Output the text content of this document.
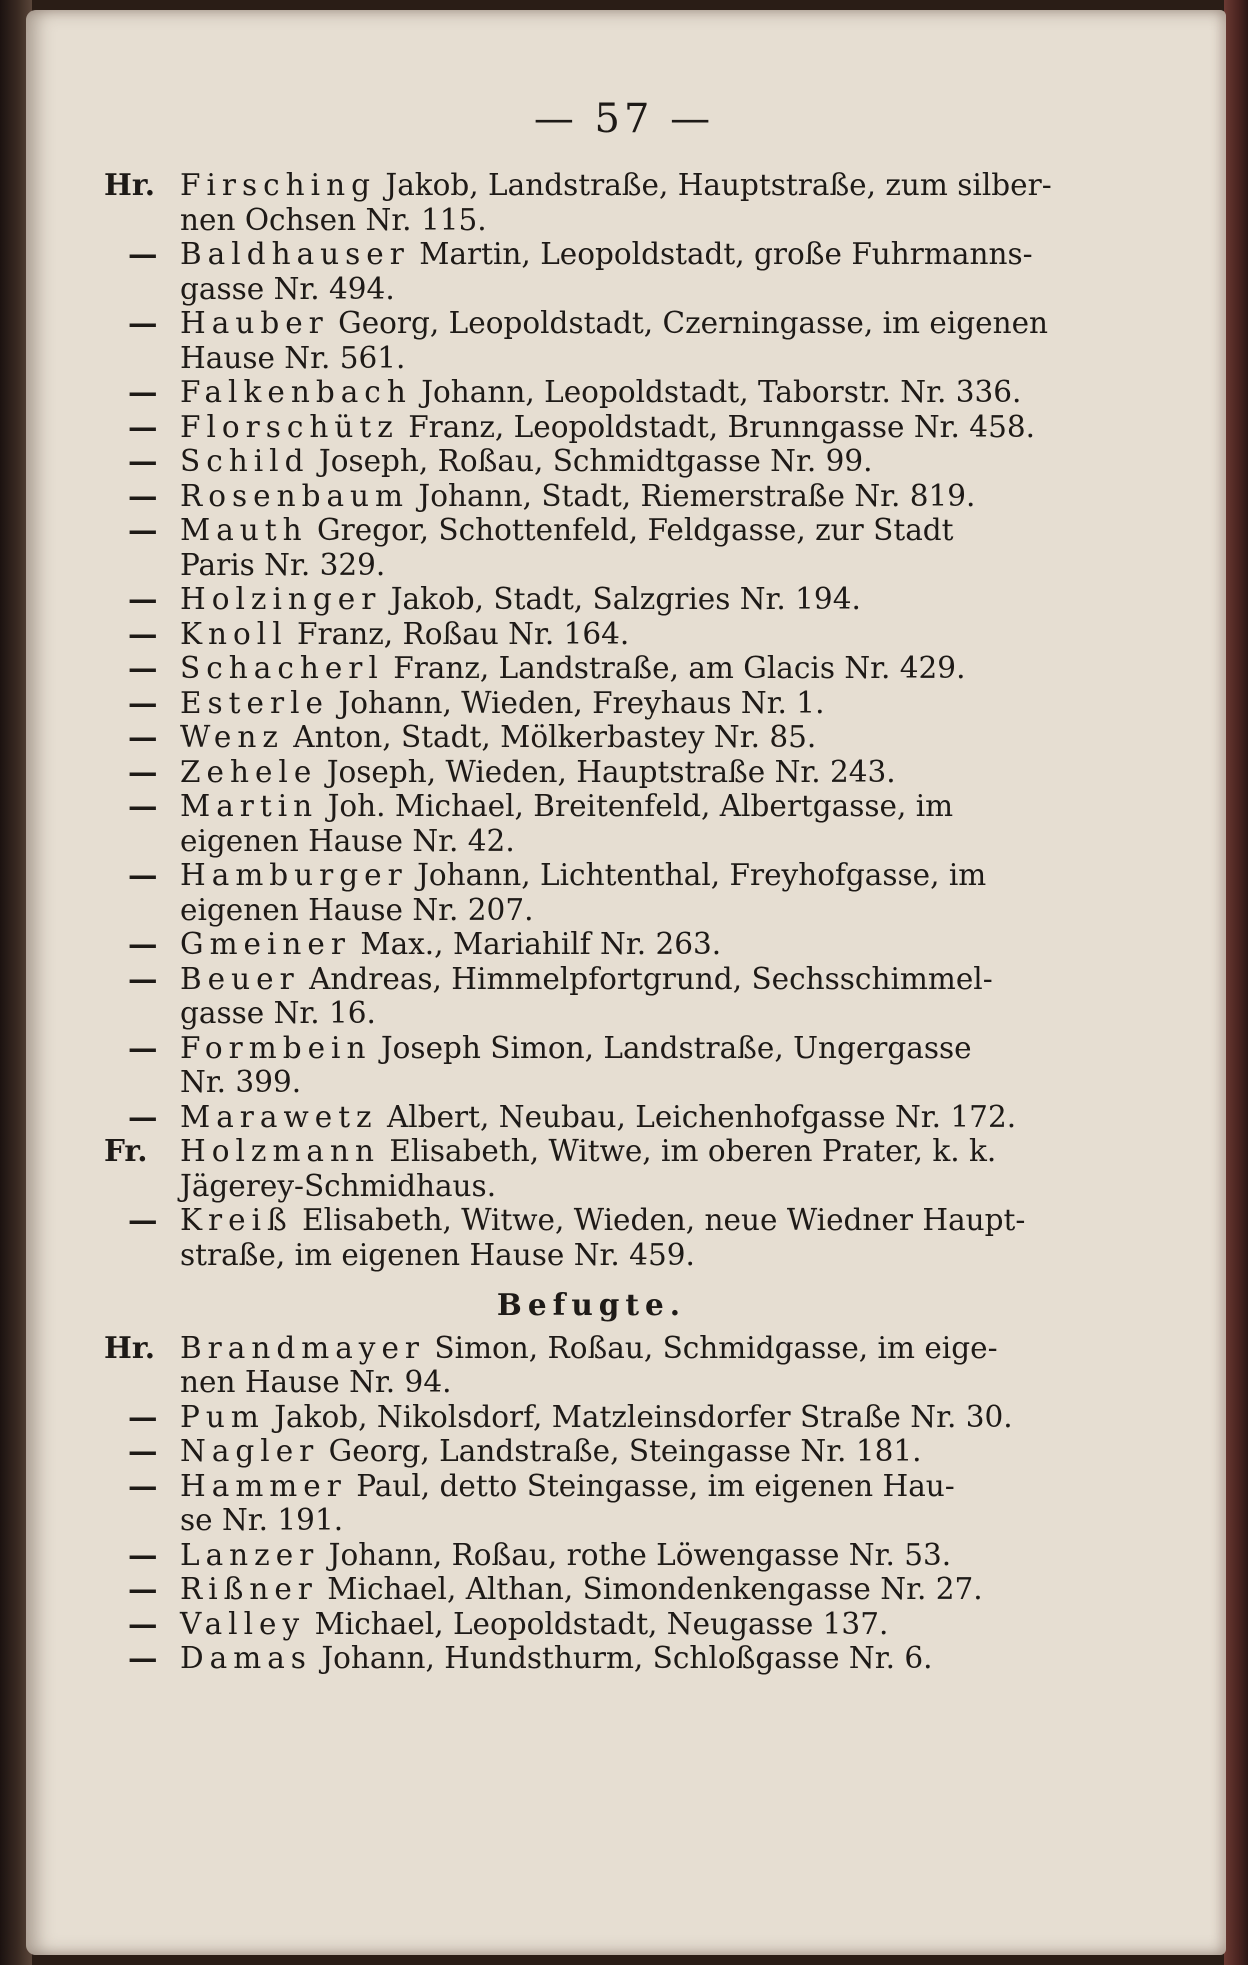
— 57 —
Hr. Firsching Jakob, Landstraße, Hauptstraße, zum silber-
nen Ochsen Nr. 115.
— Baldhauser Martin, Leopoldstadt, große Fuhrmanns-
gasse Nr. 494.
— Hauber Georg, Leopoldstadt, Czerningasse, im eigenen
Hause Nr. 561.
— Falkenbach Johann, Leopoldstadt, Taborstr. Nr. 336.
— Florschütz Franz, Leopoldstadt, Brunngasse Nr. 458.
— Schild Joseph, Roßau, Schmidtgasse Nr. 99.
— Rosenbaum Johann, Stadt, Riemerstraße Nr. 819.
— Mauth Gregor, Schottenfeld, Feldgasse, zur Stadt
Paris Nr. 329.
— Holzinger Jakob, Stadt, Salzgries Nr. 194.
— Knoll Franz, Roßau Nr. 164.
— Schacherl Franz, Landstraße, am Glacis Nr. 429.
— Esterle Johann, Wieden, Freyhaus Nr. 1.
— Wenz Anton, Stadt, Mölkerbastey Nr. 85.
— Zehele Joseph, Wieden, Hauptstraße Nr. 243.
— Martin Joh. Michael, Breitenfeld, Albertgasse, im
eigenen Hause Nr. 42.
— Hamburger Johann, Lichtenthal, Freyhofgasse, im
eigenen Hause Nr. 207.
— Gmeiner Max., Mariahilf Nr. 263.
— Beuer Andreas, Himmelpfortgrund, Sechsschimmel-
gasse Nr. 16.
— Formbein Joseph Simon, Landstraße, Ungergasse
Nr. 399.
— Marawetz Albert, Neubau, Leichenhofgasse Nr. 172.
Fr.	Holzmann Elisabeth, Witwe, im oberen Prater, k. k.
Jägerey-Schmidhaus.
— Kreiß Elisabeth, Witwe, Wieden, neue Wiedner Haupt-
straße, im eigenen Hause Nr. 459.
Befugte.
Hr. Brandmayer Simon, Roßau, Schmidgasse, im eige-
nen Hause Nr. 94.
— Pum Jakob, Nikolsdorf, Matzleinsdorfer Straße Nr. 30.
— Nagler Georg, Landstraße, Steingasse Nr. 181.
— Hammer Paul, detto Steingasse, im eigenen Hau-
se Nr. 191.
— Lanzer Johann, Roßau, rothe Löwengasse Nr. 53.
— Rißner Michael, Althan, Simondenkengasse Nr. 27.
— Valley Michael, Leopoldstadt, Neugasse 137.
— Damas Johann, Hundsthurm, Schloßgasse Nr. 6.
